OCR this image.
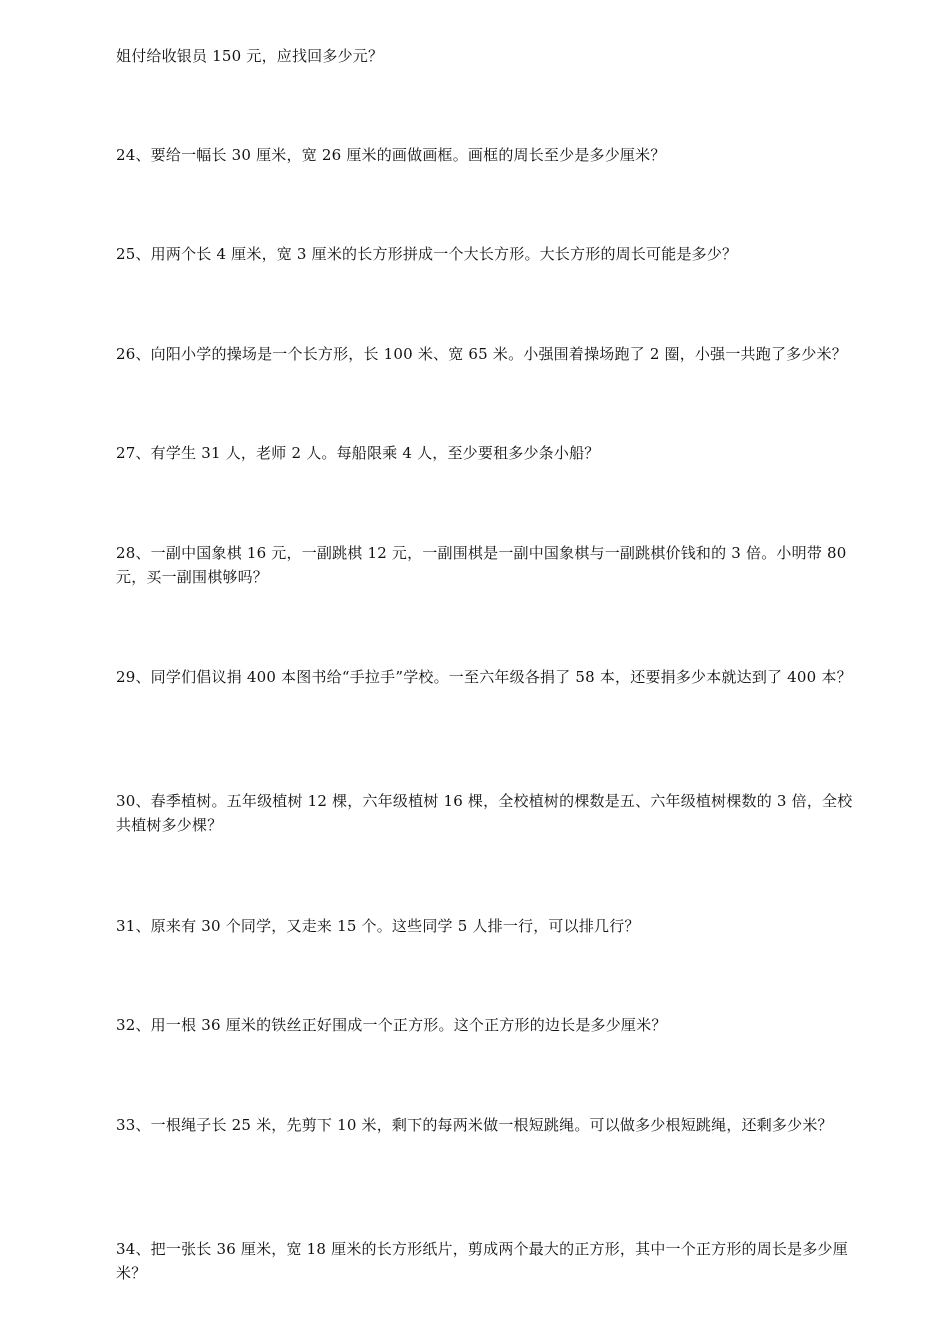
姐付给收银员 150 元，应找回多少元？

24、要给一幅长 30 厘米，宽 26 厘米的画做画框。画框的周长至少是多少厘米？

25、用两个长 4 厘米，宽 3 厘米的长方形拼成一个大长方形。大长方形的周长可能是多少？

26、向阳小学的操场是一个长方形，长 100 米、宽 65 米。小强围着操场跑了 2 圈，小强一共跑了多少米？

27、有学生 31 人，老师 2 人。每船限乘 4 人，至少要租多少条小船？

28、一副中国象棋 16 元，一副跳棋 12 元，一副围棋是一副中国象棋与一副跳棋价钱和的 3 倍。小明带 80 元，买一副围棋够吗？

29、同学们倡议捐 400 本图书给“手拉手”学校。一至六年级各捐了 58 本，还要捐多少本就达到了 400 本？

30、春季植树。五年级植树 12 棵，六年级植树 16 棵，全校植树的棵数是五、六年级植树棵数的 3 倍，全校共植树多少棵？

31、原来有 30 个同学，又走来 15 个。这些同学 5 人排一行，可以排几行？

32、用一根 36 厘米的铁丝正好围成一个正方形。这个正方形的边长是多少厘米？

33、一根绳子长 25 米，先剪下 10 米，剩下的每两米做一根短跳绳。可以做多少根短跳绳，还剩多少米？

34、把一张长 36 厘米，宽 18 厘米的长方形纸片，剪成两个最大的正方形，其中一个正方形的周长是多少厘米？
